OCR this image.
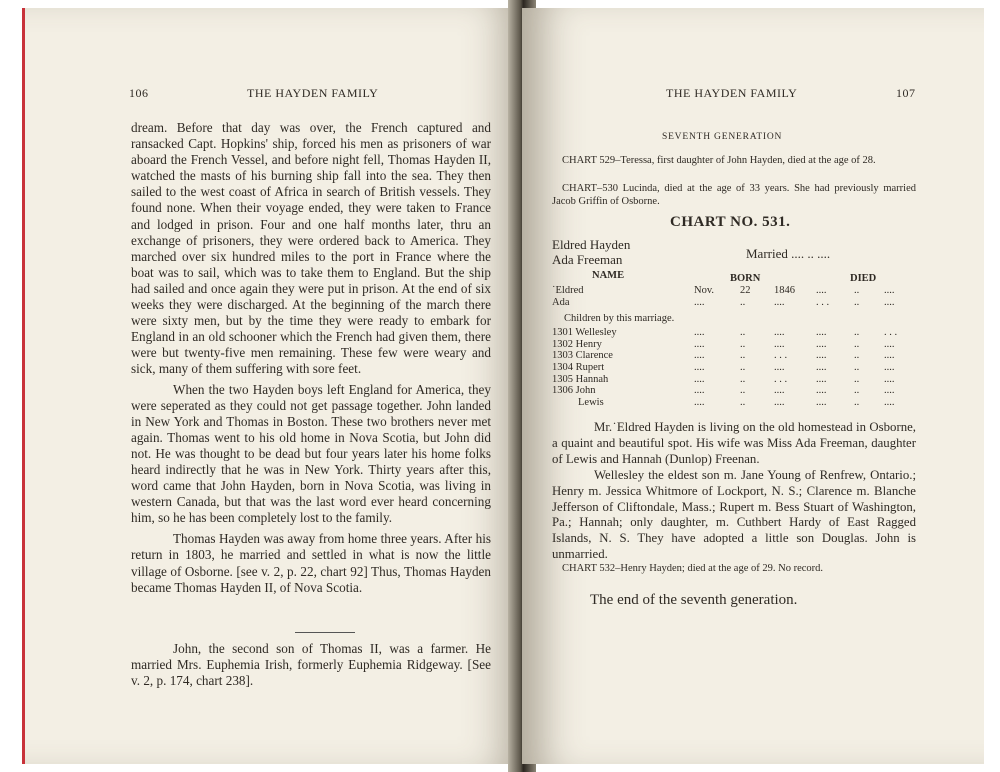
106	THE HAYDEN FAMILY

dream. Before that day was over, the French captured and ransacked Capt. Hopkins' ship, forced his men as prisoners of war aboard the French Vessel, and before night fell, Thomas Hayden II, watched the masts of his burning ship fall into the sea. They then sailed to the west coast of Africa in search of British vessels. They found none. When their voyage ended, they were taken to France and lodged in prison. Four and one half months later, thru an exchange of prisoners, they were ordered back to America. They marched over six hundred miles to the port in France where the boat was to sail, which was to take them to England. But the ship had sailed and once again they were put in prison. At the end of six weeks they were discharged. At the beginning of the march there were sixty men, but by the time they were ready to embark for England in an old schooner which the French had given them, there were but twenty-five men remaining. These few were weary and sick, many of them suffering with sore feet.

When the two Hayden boys left England for America, they were seperated as they could not get passage together. John landed in New York and Thomas in Boston. These two brothers never met again. Thomas went to his old home in Nova Scotia, but John did not. He was thought to be dead but four years later his home folks heard indirectly that he was in New York. Thirty years after this, word came that John Hayden, born in Nova Scotia, was living in western Canada, but that was the last word ever heard concerning him, so he has been completely lost to the family.

Thomas Hayden was away from home three years. After his return in 1803, he married and settled in what is now the little village of Osborne. [see v. 2, p. 22, chart 92] Thus, Thomas Hayden became Thomas Hayden II, of Nova Scotia.

John, the second son of Thomas II, was a farmer. He married Mrs. Euphemia Irish, formerly Euphemia Ridgeway. [See v. 2, p. 174, chart 238].

THE HAYDEN FAMILY	107
SEVENTH GENERATION

CHART 529–Teressa, first daughter of John Hayden, died at the age of 28.

CHART–530 Lucinda, died at the age of 33 years. She had previously married Jacob Griffin of Osborne.

CHART NO. 531.
Eldred Hayden
Ada Freeman	Married .... .. ....
NAME	BORN	DIED
˙Eldred	Nov.	22	1846	....	..	....
Ada	....	..	....	. . .	..	....
Children by this marriage.
1301 Wellesley	....	..	....	....	..	. . .
1302 Henry	....	..	....	....	..	....
1303 Clarence	....	..	. . .	....	..	....
1304 Rupert	....	..	....	....	..	....
1305 Hannah	....	..	. . .	....	..	....
1306 John	....	..	....	....	..	....
Lewis	....	..	....	....	..	....

Mr.˙Eldred Hayden is living on the old homestead in Osborne, a quaint and beautiful spot. His wife was Miss Ada Freeman, daughter of Lewis and Hannah (Dunlop) Freenan.

Wellesley the eldest son m. Jane Young of Renfrew, Ontario.; Henry m. Jessica Whitmore of Lockport, N. S.; Clarence m. Blanche Jefferson of Cliftondale, Mass.; Rupert m. Bess Stuart of Washington, Pa.; Hannah; only daughter, m. Cuthbert Hardy of East Ragged Islands, N. S. They have adopted a little son Douglas. John is unmarried.

CHART 532–Henry Hayden; died at the age of 29. No record.
The end of the seventh generation.
